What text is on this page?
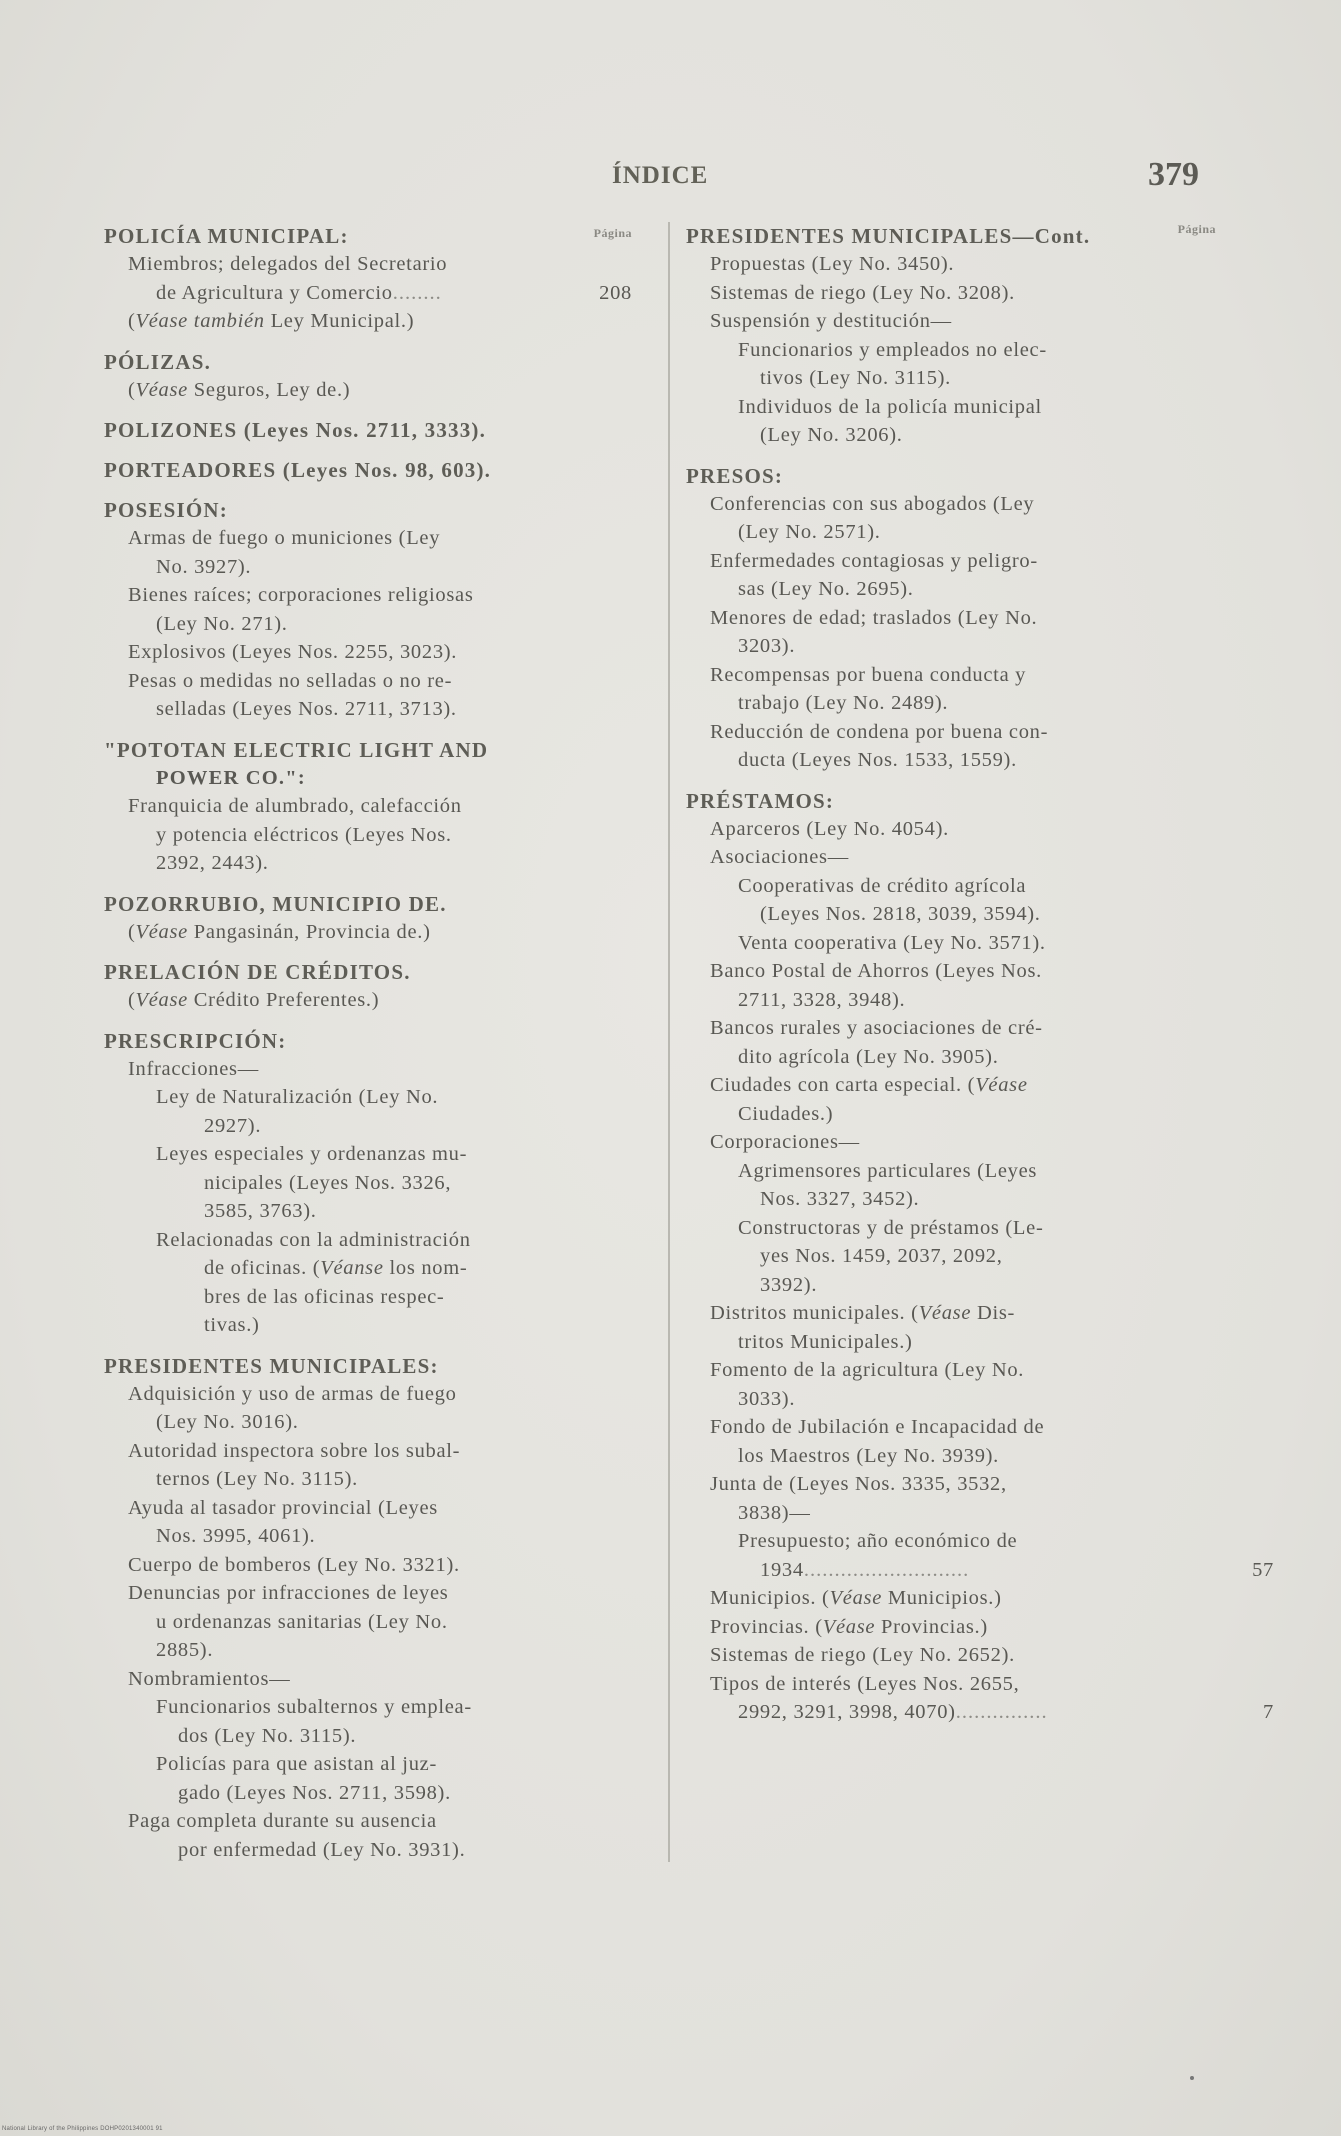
ÍNDICE	379
Página
POLICÍA MUNICIPAL:
Miembros; delegados del Secretario
de Agricultura y Comercio........	208
(Véase también Ley Municipal.)
PÓLIZAS.
(Véase Seguros, Ley de.)
POLIZONES (Leyes Nos. 2711, 3333).
PORTEADORES (Leyes Nos. 98, 603).
POSESIÓN:
Armas de fuego o municiones (Ley
No. 3927).
Bienes raíces; corporaciones religiosas
(Ley No. 271).
Explosivos (Leyes Nos. 2255, 3023).
Pesas o medidas no selladas o no re-
selladas (Leyes Nos. 2711, 3713).
"POTOTAN ELECTRIC LIGHT AND
POWER CO.":
Franquicia de alumbrado, calefacción
y potencia eléctricos (Leyes Nos.
2392, 2443).
POZORRUBIO, MUNICIPIO DE.
(Véase Pangasinán, Provincia de.)
PRELACIÓN DE CRÉDITOS.
(Véase Crédito Preferentes.)
PRESCRIPCIÓN:
Infracciones—
Ley de Naturalización (Ley No.
2927).
Leyes especiales y ordenanzas mu-
nicipales (Leyes Nos. 3326,
3585, 3763).
Relacionadas con la administración
de oficinas. (Véanse los nom-
bres de las oficinas respec-
tivas.)
PRESIDENTES MUNICIPALES:
Adquisición y uso de armas de fuego
(Ley No. 3016).
Autoridad inspectora sobre los subal-
ternos (Ley No. 3115).
Ayuda al tasador provincial (Leyes
Nos. 3995, 4061).
Cuerpo de bomberos (Ley No. 3321).
Denuncias por infracciones de leyes
u ordenanzas sanitarias (Ley No.
2885).
Nombramientos—
Funcionarios subalternos y emplea-
dos (Ley No. 3115).
Policías para que asistan al juz-
gado (Leyes Nos. 2711, 3598).
Paga completa durante su ausencia
por enfermedad (Ley No. 3931).
Página
PRESIDENTES MUNICIPALES—Cont.
Propuestas (Ley No. 3450).
Sistemas de riego (Ley No. 3208).
Suspensión y destitución—
Funcionarios y empleados no elec-
tivos (Ley No. 3115).
Individuos de la policía municipal
(Ley No. 3206).
PRESOS:
Conferencias con sus abogados (Ley
(Ley No. 2571).
Enfermedades contagiosas y peligro-
sas (Ley No. 2695).
Menores de edad; traslados (Ley No.
3203).
Recompensas por buena conducta y
trabajo (Ley No. 2489).
Reducción de condena por buena con-
ducta (Leyes Nos. 1533, 1559).
PRÉSTAMOS:
Aparceros (Ley No. 4054).
Asociaciones—
Cooperativas de crédito agrícola
(Leyes Nos. 2818, 3039, 3594).
Venta cooperativa (Ley No. 3571).
Banco Postal de Ahorros (Leyes Nos.
2711, 3328, 3948).
Bancos rurales y asociaciones de cré-
dito agrícola (Ley No. 3905).
Ciudades con carta especial. (Véase
Ciudades.)
Corporaciones—
Agrimensores particulares (Leyes
Nos. 3327, 3452).
Constructoras y de préstamos (Le-
yes Nos. 1459, 2037, 2092,
3392).
Distritos municipales. (Véase Dis-
tritos Municipales.)
Fomento de la agricultura (Ley No.
3033).
Fondo de Jubilación e Incapacidad de
los Maestros (Ley No. 3939).
Junta de (Leyes Nos. 3335, 3532,
3838)—
Presupuesto; año económico de
1934...........................	57
Municipios. (Véase Municipios.)
Provincias. (Véase Provincias.)
Sistemas de riego (Ley No. 2652).
Tipos de interés (Leyes Nos. 2655,
2992, 3291, 3998, 4070)...............	7
National Library of the Philippines DOHP0201340001 91
